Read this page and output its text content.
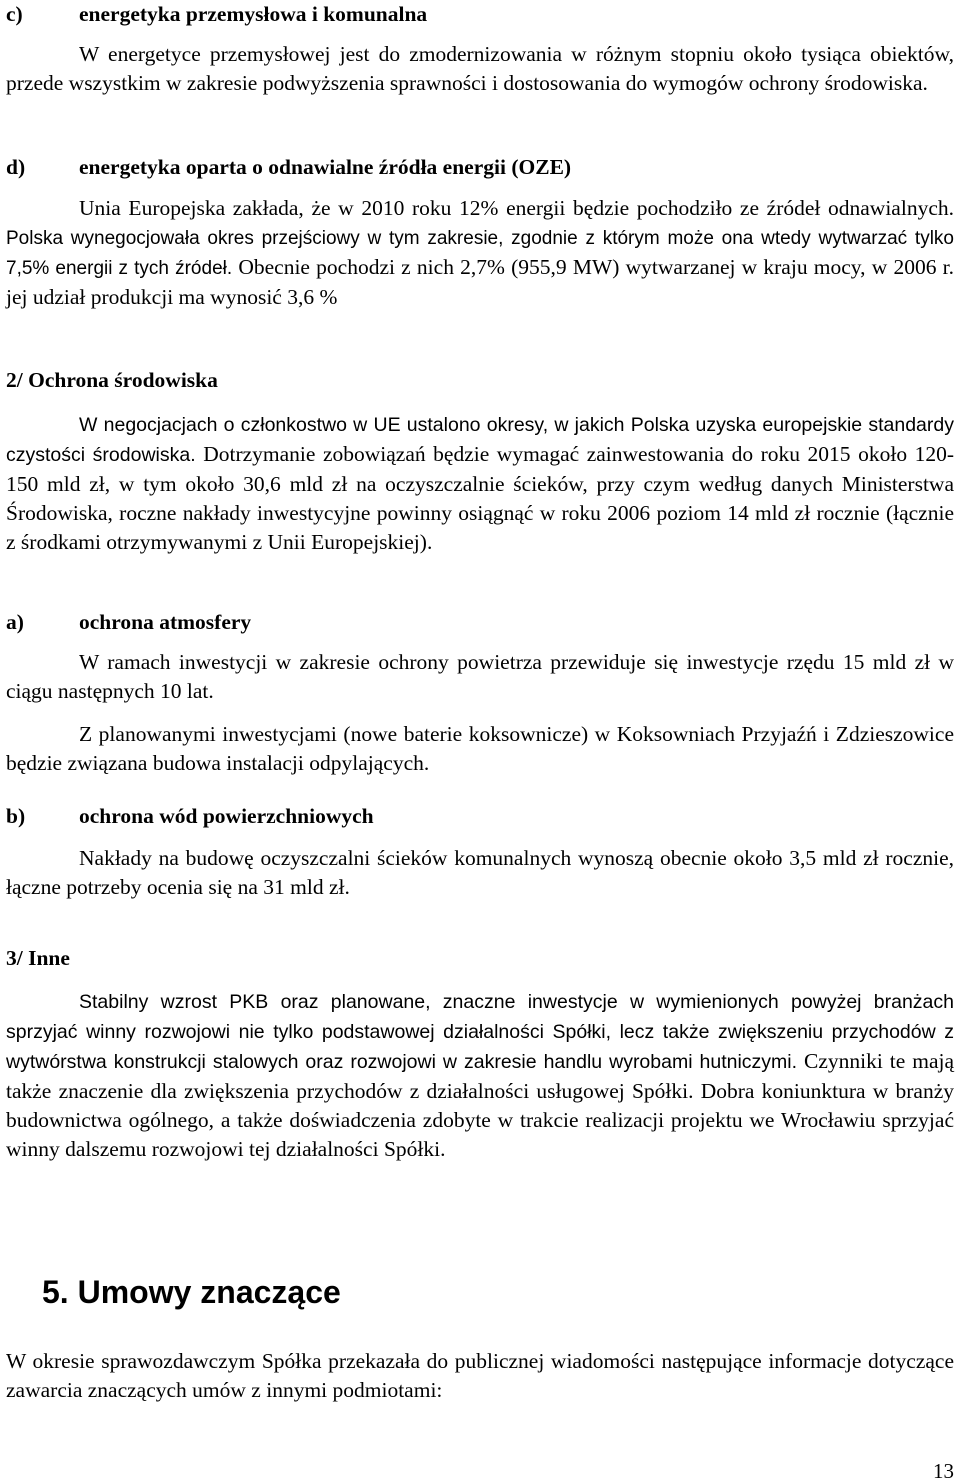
c)	energetyka przemysłowa i komunalna
W energetyce przemysłowej jest do zmodernizowania w różnym stopniu około tysiąca obiektów, przede wszystkim w zakresie podwyższenia sprawności i dostosowania do wymogów ochrony środowiska.
d)	energetyka oparta o odnawialne źródła energii (OZE)
Unia Europejska zakłada, że w 2010 roku 12% energii będzie pochodziło ze źródeł odnawialnych. Polska wynegocjowała okres przejściowy w tym zakresie, zgodnie z którym może ona wtedy wytwarzać tylko 7,5% energii z tych źródeł. Obecnie pochodzi z nich 2,7% (955,9 MW) wytwarzanej w kraju mocy, w 2006 r. jej udział produkcji ma wynosić 3,6 %
2/ Ochrona środowiska
W negocjacjach o członkostwo w UE ustalono okresy, w jakich Polska uzyska europejskie standardy czystości środowiska. Dotrzymanie zobowiązań będzie wymagać zainwestowania do roku 2015 około 120-150 mld zł, w tym około 30,6 mld zł na oczyszczalnie ścieków, przy czym według danych Ministerstwa Środowiska, roczne nakłady inwestycyjne powinny osiągnąć w roku 2006 poziom 14 mld zł rocznie (łącznie z środkami otrzymywanymi z Unii Europejskiej).
a)	ochrona atmosfery
W ramach inwestycji w zakresie ochrony powietrza przewiduje się inwestycje rzędu 15 mld zł w ciągu następnych 10 lat.
Z planowanymi inwestycjami (nowe baterie koksownicze) w Koksowniach Przyjaźń i Zdzieszowice będzie związana budowa instalacji odpylających.
b)	ochrona wód powierzchniowych
Nakłady na budowę oczyszczalni ścieków komunalnych wynoszą obecnie około 3,5 mld zł rocznie, łączne potrzeby ocenia się na 31 mld zł.
3/ Inne
Stabilny wzrost PKB oraz planowane, znaczne inwestycje w wymienionych powyżej branżach sprzyjać winny rozwojowi nie tylko podstawowej działalności Spółki, lecz także zwiększeniu przychodów z wytwórstwa konstrukcji stalowych oraz rozwojowi w zakresie handlu wyrobami hutniczymi. Czynniki te mają także znaczenie dla zwiększenia przychodów z działalności usługowej Spółki. Dobra koniunktura w branży budownictwa ogólnego, a także doświadczenia zdobyte w trakcie realizacji projektu we Wrocławiu sprzyjać winny dalszemu rozwojowi tej działalności Spółki.
5. Umowy znaczące
W okresie sprawozdawczym Spółka przekazała do publicznej wiadomości następujące informacje dotyczące zawarcia znaczących umów z innymi podmiotami:
13
